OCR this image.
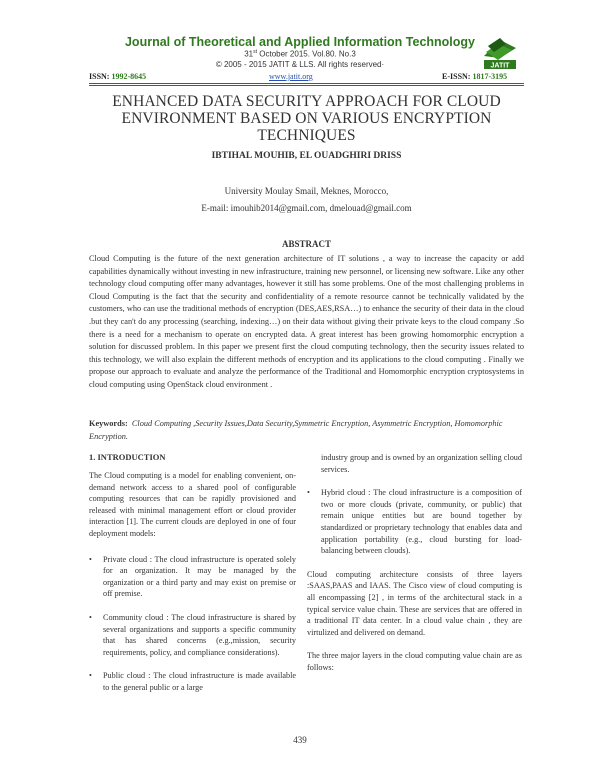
Journal of Theoretical and Applied Information Technology
31st October 2015. Vol.80. No.3
© 2005 - 2015 JATIT & LLS. All rights reserved·	JATIT
ISSN: 1992-8645	www.jatit.org	E-ISSN: 1817-3195
ENHANCED DATA SECURITY APPROACH FOR CLOUD ENVIRONMENT BASED ON VARIOUS ENCRYPTION TECHNIQUES
IBTIHAL MOUHIB, EL OUADGHIRI DRISS
University Moulay Smail, Meknes, Morocco,
E-mail: imouhib2014@gmail.com, dmelouad@gmail.com
ABSTRACT
Cloud Computing is the future of the next generation architecture of IT solutions , a way to increase the capacity or add capabilities dynamically without investing in new infrastructure, training new personnel, or licensing new software. Like any other technology cloud computing offer many advantages, however it still has some problems. One of the most challenging problems in Cloud Computing is the fact that the security and confidentiality of a remote resource cannot be technically validated by the customers, who can use the traditional methods of encryption (DES,AES,RSA…) to enhance the security of their data in the cloud .but they can't do any processing (searching, indexing…) on their data without giving their private keys to the cloud company .So there is a need for a mechanism to operate on encrypted data. A great interest has been growing homomorphic encryption a solution for discussed problem. In this paper we present first the cloud computing technology, then the security issues related to this technology, we will also explain the different methods of encryption and its applications to the cloud computing . Finally we propose our approach to evaluate and analyze the performance of the Traditional and Homomorphic encryption cryptosystems in cloud computing using OpenStack cloud environment .
Keywords: Cloud Computing ,Security Issues,Data Security,Symmetric Encryption, Asymmetric Encryption, Homomorphic Encryption.
1. INTRODUCTION

The Cloud computing is a model for enabling convenient, on-demand network access to a shared pool of configurable computing resources that can be rapidly provisioned and released with minimal management effort or cloud provider interaction [1]. The current clouds are deployed in one of four deployment models:

• Private cloud : The cloud infrastructure is operated solely for an organization. It may be managed by the organization or a third party and may exist on premise or off premise.

• Community cloud : The cloud infrastructure is shared by several organizations and supports a specific community that has shared concerns (e.g.,mission, security requirements, policy, and compliance considerations).

• Public cloud : The cloud infrastructure is made available to the general public or a large

industry group and is owned by an organization selling cloud services.

• Hybrid cloud : The cloud infrastructure is a composition of two or more clouds (private, community, or public) that remain unique entities but are bound together by standardized or proprietary technology that enables data and application portability (e.g., cloud bursting for load-balancing between clouds).

Cloud computing architecture consists of three layers :SAAS,PAAS and IAAS. The Cisco view of cloud computing is all encompassing [2] , in terms of the architectural stack in a typical service value chain. These are services that are offered in a traditional IT data center. In a cloud value chain , they are virtulized and delivered on demand.

The three major layers in the cloud computing value chain are as follows:

439
